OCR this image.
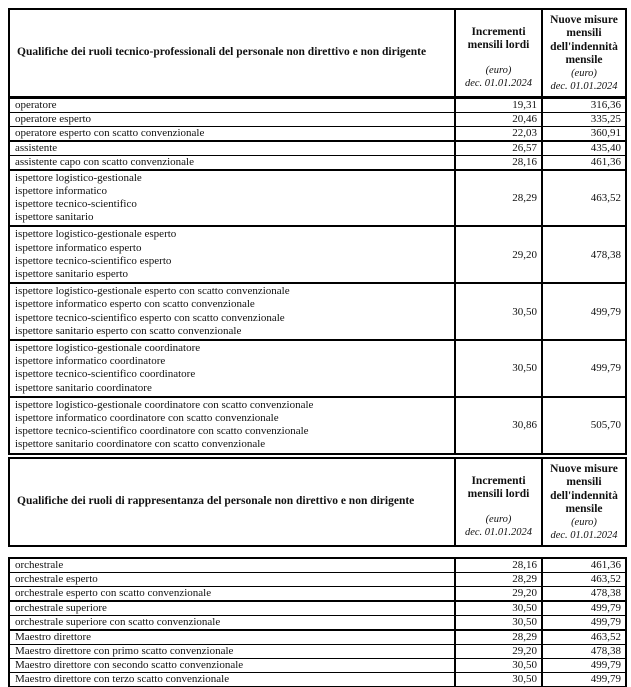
Qualifiche dei ruoli tecnico-professionali del personale non direttivo e non dirigente	
Incrementi mensili lordi
(euro)
dec. 01.01.2024

Nuove misure mensili dell'indennità mensile
(euro)
dec. 01.01.2024

operatore	19,31	316,36

operatore esperto	20,46	335,25

operatore esperto con scatto convenzionale	22,03	360,91

assistente	26,57	435,40

assistente capo con scatto convenzionale	28,16	461,36

ispettore logistico-gestionale
ispettore informatico
ispettore tecnico-scientifico
ispettore sanitario	28,29	463,52

ispettore logistico-gestionale esperto
ispettore informatico esperto
ispettore tecnico-scientifico esperto
ispettore sanitario esperto	29,20	478,38

ispettore logistico-gestionale esperto con scatto convenzionale
ispettore informatico esperto con scatto convenzionale
ispettore tecnico-scientifico esperto con scatto convenzionale
ispettore sanitario esperto con scatto convenzionale	30,50	499,79

ispettore logistico-gestionale coordinatore
ispettore informatico coordinatore
ispettore tecnico-scientifico coordinatore
ispettore sanitario coordinatore	30,50	499,79

ispettore logistico-gestionale coordinatore con scatto convenzionale
ispettore informatico coordinatore con scatto convenzionale
ispettore tecnico-scientifico coordinatore con scatto convenzionale
ispettore sanitario coordinatore con scatto convenzionale	30,86	505,70
Qualifiche dei ruoli di rappresentanza del personale non direttivo e non dirigente	
Incrementi mensili lordi
(euro)
dec. 01.01.2024

Nuove misure mensili dell'indennità mensile
(euro)
dec. 01.01.2024
orchestrale	28,16	461,36

orchestrale esperto	28,29	463,52

orchestrale esperto con scatto convenzionale	29,20	478,38

orchestrale superiore	30,50	499,79

orchestrale superiore con scatto convenzionale	30,50	499,79

Maestro direttore	28,29	463,52

Maestro direttore con primo scatto convenzionale	29,20	478,38

Maestro direttore con secondo scatto convenzionale	30,50	499,79

Maestro direttore con terzo scatto convenzionale	30,50	499,79
